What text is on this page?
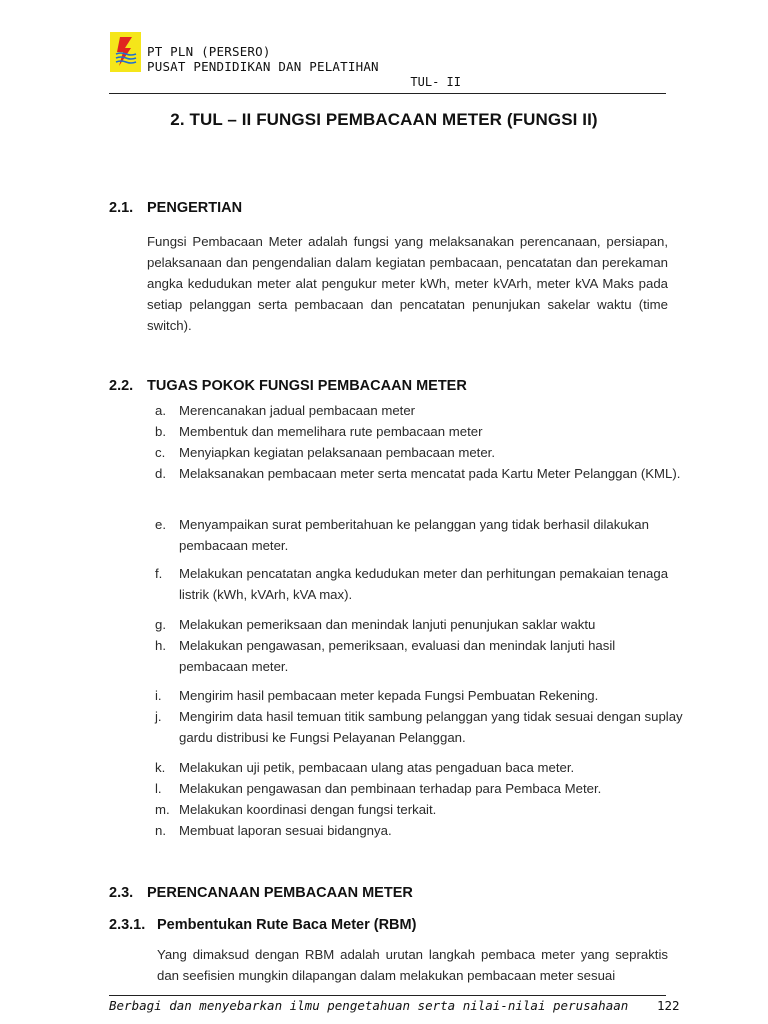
PT PLN (PERSERO)
PUSAT PENDIDIKAN DAN PELATIHAN
TUL- II
2. TUL – II FUNGSI PEMBACAAN METER (FUNGSI II)
2.1. PENGERTIAN

Fungsi Pembacaan Meter adalah fungsi yang melaksanakan perencanaan, persiapan, pelaksanaan dan pengendalian dalam kegiatan pembacaan, pencatatan dan perekaman angka kedudukan meter alat pengukur meter kWh, meter kVArh, meter kVA Maks pada setiap pelanggan serta pembacaan dan pencatatan penunjukan sakelar waktu (time switch).

2.2. TUGAS POKOK FUNGSI PEMBACAAN METER
a. Merencanakan jadual pembacaan meter
b. Membentuk dan memelihara rute pembacaan meter
c. Menyiapkan kegiatan pelaksanaan pembacaan meter.
d. Melaksanakan pembacaan meter serta mencatat pada Kartu Meter Pelanggan (KML).
e. Menyampaikan surat pemberitahuan ke pelanggan yang tidak berhasil dilakukan pembacaan meter.
f. Melakukan pencatatan angka kedudukan meter dan perhitungan pemakaian tenaga listrik (kWh, kVArh, kVA max).
g. Melakukan pemeriksaan dan menindak lanjuti penunjukan saklar waktu
h. Melakukan pengawasan, pemeriksaan, evaluasi dan menindak lanjuti hasil pembacaan meter.
i. Mengirim hasil pembacaan meter kepada Fungsi Pembuatan Rekening.
j. Mengirim data hasil temuan titik sambung pelanggan yang tidak sesuai dengan suplay gardu distribusi ke Fungsi Pelayanan Pelanggan.
k. Melakukan uji petik, pembacaan ulang atas pengaduan baca meter.
l. Melakukan pengawasan dan pembinaan terhadap para Pembaca Meter.
m. Melakukan koordinasi dengan fungsi terkait.
n. Membuat laporan sesuai bidangnya.
2.3. PERENCANAAN PEMBACAAN METER
2.3.1. Pembentukan Rute Baca Meter (RBM)

Yang dimaksud dengan RBM adalah urutan langkah pembaca meter yang sepraktis dan seefisien mungkin dilapangan dalam melakukan pembacaan meter sesuai

Berbagi dan menyebarkan ilmu pengetahuan serta nilai-nilai perusahaan 122
